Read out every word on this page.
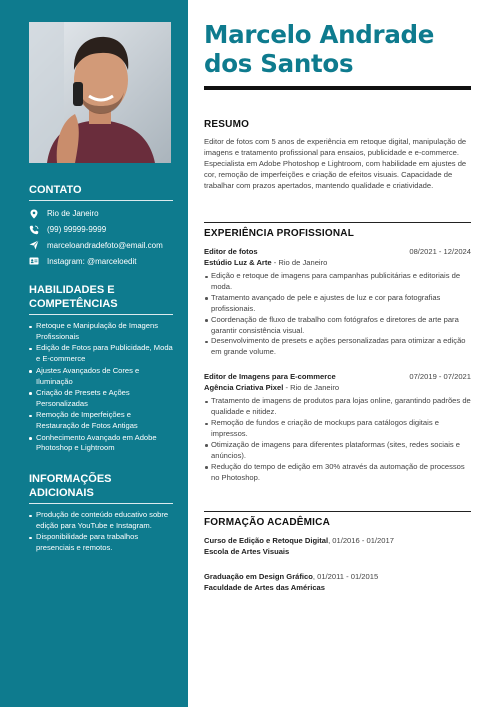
CONTATO
Rio de Janeiro
(99) 99999-9999
marceloandradefoto@email.com
Instagram: @marceloedit
HABILIDADES E COMPETÊNCIAS
Retoque e Manipulação de Imagens Profissionais
Edição de Fotos para Publicidade, Moda e E-commerce
Ajustes Avançados de Cores e Iluminação
Criação de Presets e Ações Personalizadas
Remoção de Imperfeições e Restauração de Fotos Antigas
Conhecimento Avançado em Adobe Photoshop e Lightroom
INFORMAÇÕES ADICIONAIS
Produção de conteúdo educativo sobre edição para YouTube e Instagram.
Disponibilidade para trabalhos presenciais e remotos.
Marcelo Andrade dos Santos
RESUMO

Editor de fotos com 5 anos de experiência em retoque digital, manipulação de imagens e tratamento profissional para ensaios, publicidade e e-commerce. Especialista em Adobe Photoshop e Lightroom, com habilidade em ajustes de cor, remoção de imperfeições e criação de efeitos visuais. Capacidade de trabalhar com prazos apertados, mantendo qualidade e criatividade.

EXPERIÊNCIA PROFISSIONAL
Editor de fotos	08/2021 - 12/2024
Estúdio Luz & Arte - Rio de Janeiro
Edição e retoque de imagens para campanhas publicitárias e editoriais de moda.
Tratamento avançado de pele e ajustes de luz e cor para fotografias profissionais.
Coordenação de fluxo de trabalho com fotógrafos e diretores de arte para garantir consistência visual.
Desenvolvimento de presets e ações personalizadas para otimizar a edição em grande volume.
Editor de Imagens para E-commerce	07/2019 - 07/2021
Agência Criativa Pixel - Rio de Janeiro
Tratamento de imagens de produtos para lojas online, garantindo padrões de qualidade e nitidez.
Remoção de fundos e criação de mockups para catálogos digitais e impressos.
Otimização de imagens para diferentes plataformas (sites, redes sociais e anúncios).
Redução do tempo de edição em 30% através da automação de processos no Photoshop.
FORMAÇÃO ACADÊMICA
Curso de Edição e Retoque Digital, 01/2016 - 01/2017
Escola de Artes Visuais
Graduação em Design Gráfico, 01/2011 - 01/2015
Faculdade de Artes das Américas
